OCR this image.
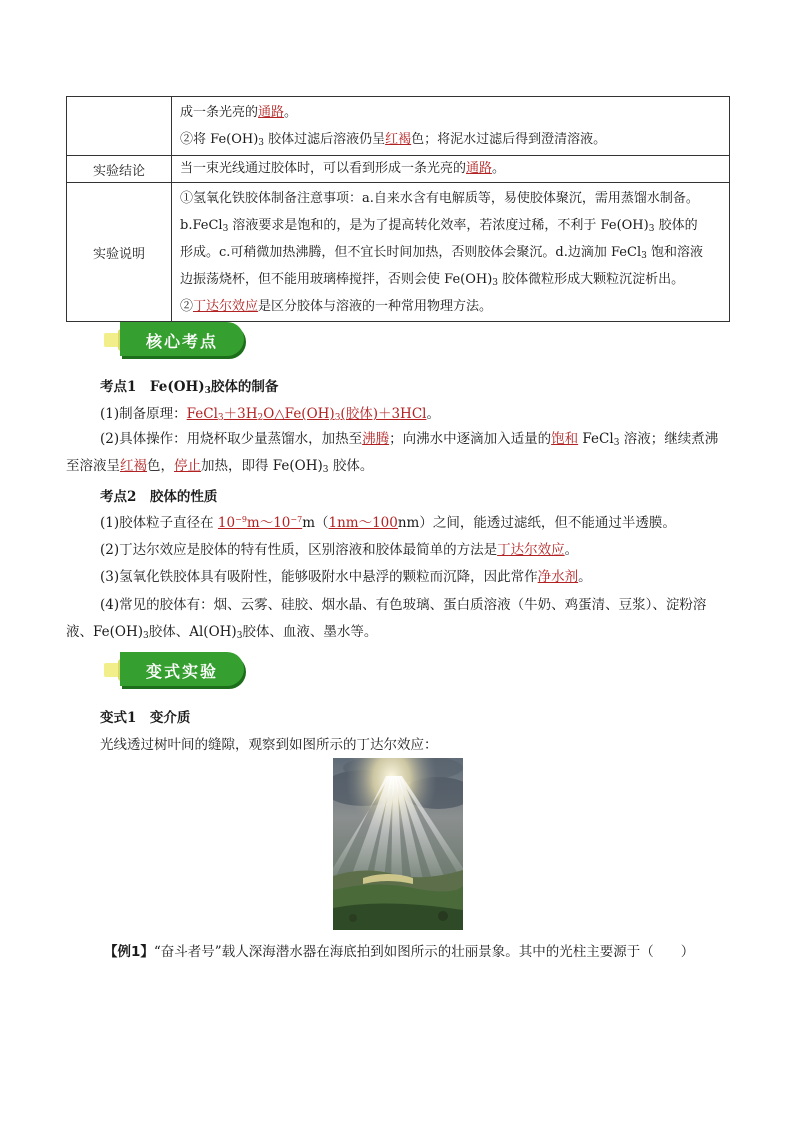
	成一条光亮的通路。
②将 $Fe(OH)_3$ 胶体过滤后溶液仍呈红褐色；将泥水过滤后得到澄清溶液。

实验结论	当一束光线通过胶体时，可以看到形成一条光亮的通路。

实验说明	①氢氧化铁胶体制备注意事项：a.自来水含有电解质等，易使胶体聚沉，需用蒸馏水制备。
b.FeCl$_3$ 溶液要求是饱和的，是为了提高转化效率，若浓度过稀，不利于 $Fe(OH)_3$ 胶体的
形成。c.可稍微加热沸腾，但不宜长时间加热，否则胶体会聚沉。d.边滴加 FeCl$_3$ 饱和溶液
边振荡烧杯，但不能用玻璃棒搅拌，否则会使 $Fe(OH)_3$ 胶体微粒形成大颗粒沉淀析出。
②丁达尔效应是区分胶体与溶液的一种常用物理方法。
核心考点
考点1　$Fe(OH)_3$胶体的制备
(1)制备原理：$FeCl_3+3H_2O\triangle Fe(OH)_3$(胶体)＋3HCl。
(2)具体操作：用烧杯取少量蒸馏水，加热至沸腾；向沸水中逐滴加入适量的饱和 FeCl$_3$ 溶液；继续煮沸
至溶液呈红褐色，停止加热，即得 $Fe(OH)_3$ 胶体。
考点2　胶体的性质
(1)胶体粒子直径在 $10^{-9}m\sim 10^{-7}m(1nm\sim 100nm)$之间，能透过滤纸，但不能通过半透膜。
(2)丁达尔效应是胶体的特有性质，区别溶液和胶体最简单的方法是丁达尔效应。
(3)氢氧化铁胶体具有吸附性，能够吸附水中悬浮的颗粒而沉降，因此常作净水剂。
(4)常见的胶体有：烟、云雾、硅胶、烟水晶、有色玻璃、蛋白质溶液（牛奶、鸡蛋清、豆浆）、淀粉溶
液、$Fe(OH)_3$胶体、$Al(OH)_3$胶体、血液、墨水等。
变式实验
变式1　变介质
光线透过树叶间的缝隙，观察到如图所示的丁达尔效应：
【例1】“奋斗者号”载人深海潜水器在海底拍到如图所示的壮丽景象。其中的光柱主要源于（　　）
